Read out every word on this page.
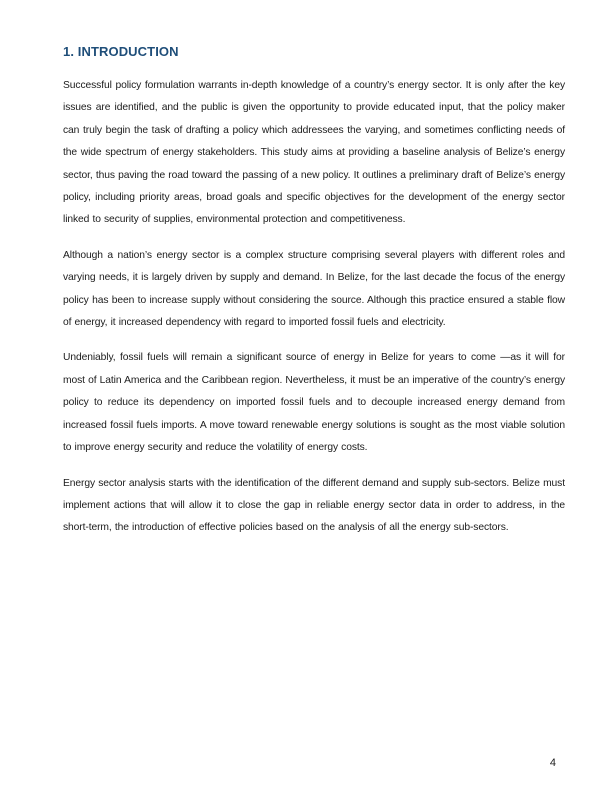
1. INTRODUCTION

Successful policy formulation warrants in-depth knowledge of a country’s energy sector. It is only after the key issues are identified, and the public is given the opportunity to provide educated input, that the policy maker can truly begin the task of drafting a policy which addressees the varying, and sometimes conflicting needs of the wide spectrum of energy stakeholders. This study aims at providing a baseline analysis of Belize’s energy sector, thus paving the road toward the passing of a new policy. It outlines a preliminary draft of Belize’s energy policy, including priority areas, broad goals and specific objectives for the development of the energy sector linked to security of supplies, environmental protection and competitiveness.

Although a nation’s energy sector is a complex structure comprising several players with different roles and varying needs, it is largely driven by supply and demand. In Belize, for the last decade the focus of the energy policy has been to increase supply without considering the source. Although this practice ensured a stable flow of energy, it increased dependency with regard to imported fossil fuels and electricity.

Undeniably, fossil fuels will remain a significant source of energy in Belize for years to come —as it will for most of Latin America and the Caribbean region. Nevertheless, it must be an imperative of the country’s energy policy to reduce its dependency on imported fossil fuels and to decouple increased energy demand from increased fossil fuels imports. A move toward renewable energy solutions is sought as the most viable solution to improve energy security and reduce the volatility of energy costs.

Energy sector analysis starts with the identification of the different demand and supply sub-sectors. Belize must implement actions that will allow it to close the gap in reliable energy sector data in order to address, in the short-term, the introduction of effective policies based on the analysis of all the energy sub-sectors.

4
